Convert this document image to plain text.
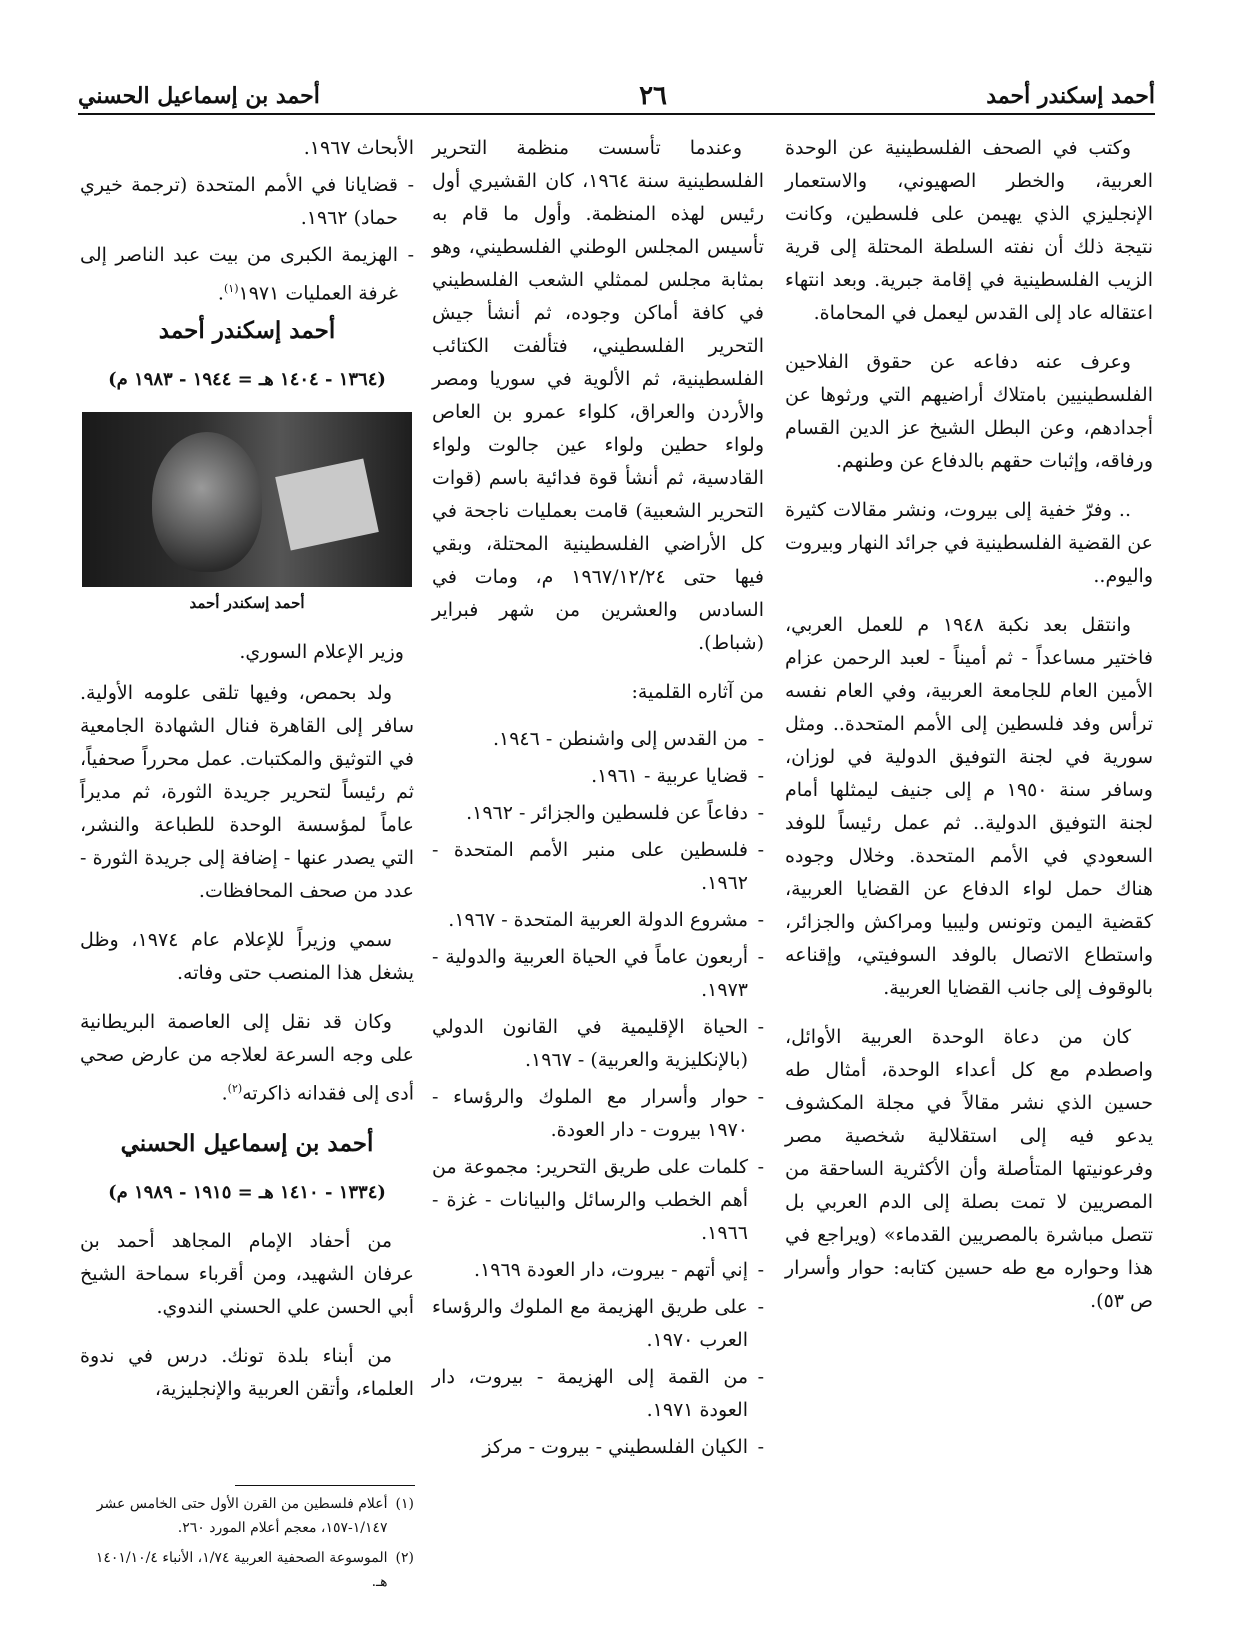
أحمد إسكندر أحمد
٢٦
أحمد بن إسماعيل الحسني

وكتب في الصحف الفلسطينية عن الوحدة العربية، والخطر الصهيوني، والاستعمار الإنجليزي الذي يهيمن على فلسطين، وكانت نتيجة ذلك أن نفته السلطة المحتلة إلى قرية الزيب الفلسطينية في إقامة جبرية. وبعد انتهاء اعتقاله عاد إلى القدس ليعمل في المحاماة.

وعرف عنه دفاعه عن حقوق الفلاحين الفلسطينيين بامتلاك أراضيهم التي ورثوها عن أجدادهم، وعن البطل الشيخ عز الدين القسام ورفاقه، وإثبات حقهم بالدفاع عن وطنهم.

.. وفرّ خفية إلى بيروت، ونشر مقالات كثيرة عن القضية الفلسطينية في جرائد النهار وبيروت واليوم..

وانتقل بعد نكبة ١٩٤٨ م للعمل العربي، فاختير مساعداً - ثم أميناً - لعبد الرحمن عزام الأمين العام للجامعة العربية، وفي العام نفسه ترأس وفد فلسطين إلى الأمم المتحدة.. ومثل سورية في لجنة التوفيق الدولية في لوزان، وسافر سنة ١٩٥٠ م إلى جنيف ليمثلها أمام لجنة التوفيق الدولية.. ثم عمل رئيساً للوفد السعودي في الأمم المتحدة. وخلال وجوده هناك حمل لواء الدفاع عن القضايا العربية، كقضية اليمن وتونس وليبيا ومراكش والجزائر، واستطاع الاتصال بالوفد السوفيتي، وإقناعه بالوقوف إلى جانب القضايا العربية.

كان من دعاة الوحدة العربية الأوائل، واصطدم مع كل أعداء الوحدة، أمثال طه حسين الذي نشر مقالاً في مجلة المكشوف يدعو فيه إلى استقلالية شخصية مصر وفرعونيتها المتأصلة وأن الأكثرية الساحقة من المصريين لا تمت بصلة إلى الدم العربي بل تتصل مباشرة بالمصريين القدماء» (ويراجع في هذا وحواره مع طه حسين كتابه: حوار وأسرار ص ٥٣).

وعندما تأسست منظمة التحرير الفلسطينية سنة ١٩٦٤، كان القشيري أول رئيس لهذه المنظمة. وأول ما قام به تأسيس المجلس الوطني الفلسطيني، وهو بمثابة مجلس لممثلي الشعب الفلسطيني في كافة أماكن وجوده، ثم أنشأ جيش التحرير الفلسطيني، فتألفت الكتائب الفلسطينية، ثم الألوية في سوريا ومصر والأردن والعراق، كلواء عمرو بن العاص ولواء حطين ولواء عين جالوت ولواء القادسية، ثم أنشأ قوة فدائية باسم (قوات التحرير الشعبية) قامت بعمليات ناجحة في كل الأراضي الفلسطينية المحتلة، وبقي فيها حتى ١٩٦٧/١٢/٢٤ م، ومات في السادس والعشرين من شهر فبراير (شباط).

من آثاره القلمية:

- من القدس إلى واشنطن - ١٩٤٦.
- قضايا عربية - ١٩٦١.
- دفاعاً عن فلسطين والجزائر - ١٩٦٢.
- فلسطين على منبر الأمم المتحدة - ١٩٦٢.
- مشروع الدولة العربية المتحدة - ١٩٦٧.
- أربعون عاماً في الحياة العربية والدولية - ١٩٧٣.
- الحياة الإقليمية في القانون الدولي (بالإنكليزية والعربية) - ١٩٦٧.
- حوار وأسرار مع الملوك والرؤساء - ١٩٧٠ بيروت - دار العودة.
- كلمات على طريق التحرير: مجموعة من أهم الخطب والرسائل والبيانات - غزة - ١٩٦٦.
- إني أتهم - بيروت، دار العودة ١٩٦٩.
- على طريق الهزيمة مع الملوك والرؤساء العرب ١٩٧٠.
- من القمة إلى الهزيمة - بيروت، دار العودة ١٩٧١.
- الكيان الفلسطيني - بيروت - مركز

الأبحاث ١٩٦٧.

- قضايانا في الأمم المتحدة (ترجمة خيري حماد) ١٩٦٢.
- الهزيمة الكبرى من بيت عبد الناصر إلى غرفة العمليات ١٩٧١$^{(١)}$.

أحمد إسكندر أحمد

(١٣٦٤ - ١٤٠٤ هـ = ١٩٤٤ - ١٩٨٣ م)

أحمد إسكندر أحمد

وزير الإعلام السوري.

ولد بحمص، وفيها تلقى علومه الأولية. سافر إلى القاهرة فنال الشهادة الجامعية في التوثيق والمكتبات. عمل محرراً صحفياً، ثم رئيساً لتحرير جريدة الثورة، ثم مديراً عاماً لمؤسسة الوحدة للطباعة والنشر، التي يصدر عنها - إضافة إلى جريدة الثورة - عدد من صحف المحافظات.

سمي وزيراً للإعلام عام ١٩٧٤، وظل يشغل هذا المنصب حتى وفاته.

وكان قد نقل إلى العاصمة البريطانية على وجه السرعة لعلاجه من عارض صحي أدى إلى فقدانه ذاكرته$^{(٢)}$.

أحمد بن إسماعيل الحسني

(١٣٣٤ - ١٤١٠ هـ = ١٩١٥ - ١٩٨٩ م)

من أحفاد الإمام المجاهد أحمد بن عرفان الشهيد، ومن أقرباء سماحة الشيخ أبي الحسن علي الحسني الندوي.

من أبناء بلدة تونك. درس في ندوة العلماء، وأتقن العربية والإنجليزية،

(١)
أعلام فلسطين من القرن الأول حتى الخامس عشر ١/١٤٧-١٥٧، معجم أعلام المورد ٢٦٠.
(٢)
الموسوعة الصحفية العربية ١/٧٤، الأنباء ١٤٠١/١٠/٤ هـ.
